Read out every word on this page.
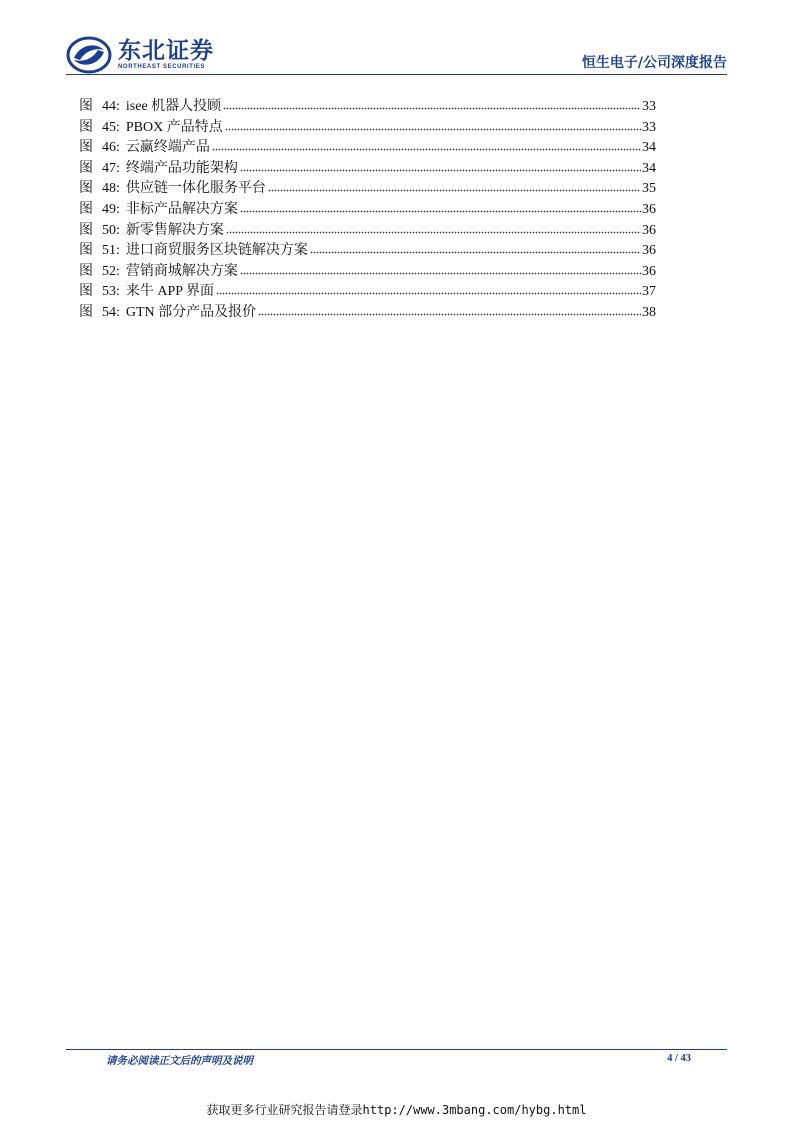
东北证券
NORTHEAST SECURITIES	恒生电子/公司深度报告
图 44: isee 机器人投顾	33
图 45: PBOX 产品特点	33
图 46: 云赢终端产品	34
图 47: 终端产品功能架构	34
图 48: 供应链一体化服务平台	35
图 49: 非标产品解决方案	36
图 50: 新零售解决方案	36
图 51: 进口商贸服务区块链解决方案	36
图 52: 营销商城解决方案	36
图 53: 来牛 APP 界面	37
图 54: GTN 部分产品及报价	38
请务必阅读正文后的声明及说明	4 / 43
获取更多行业研究报告请登录http://www.3mbang.com/hybg.html
